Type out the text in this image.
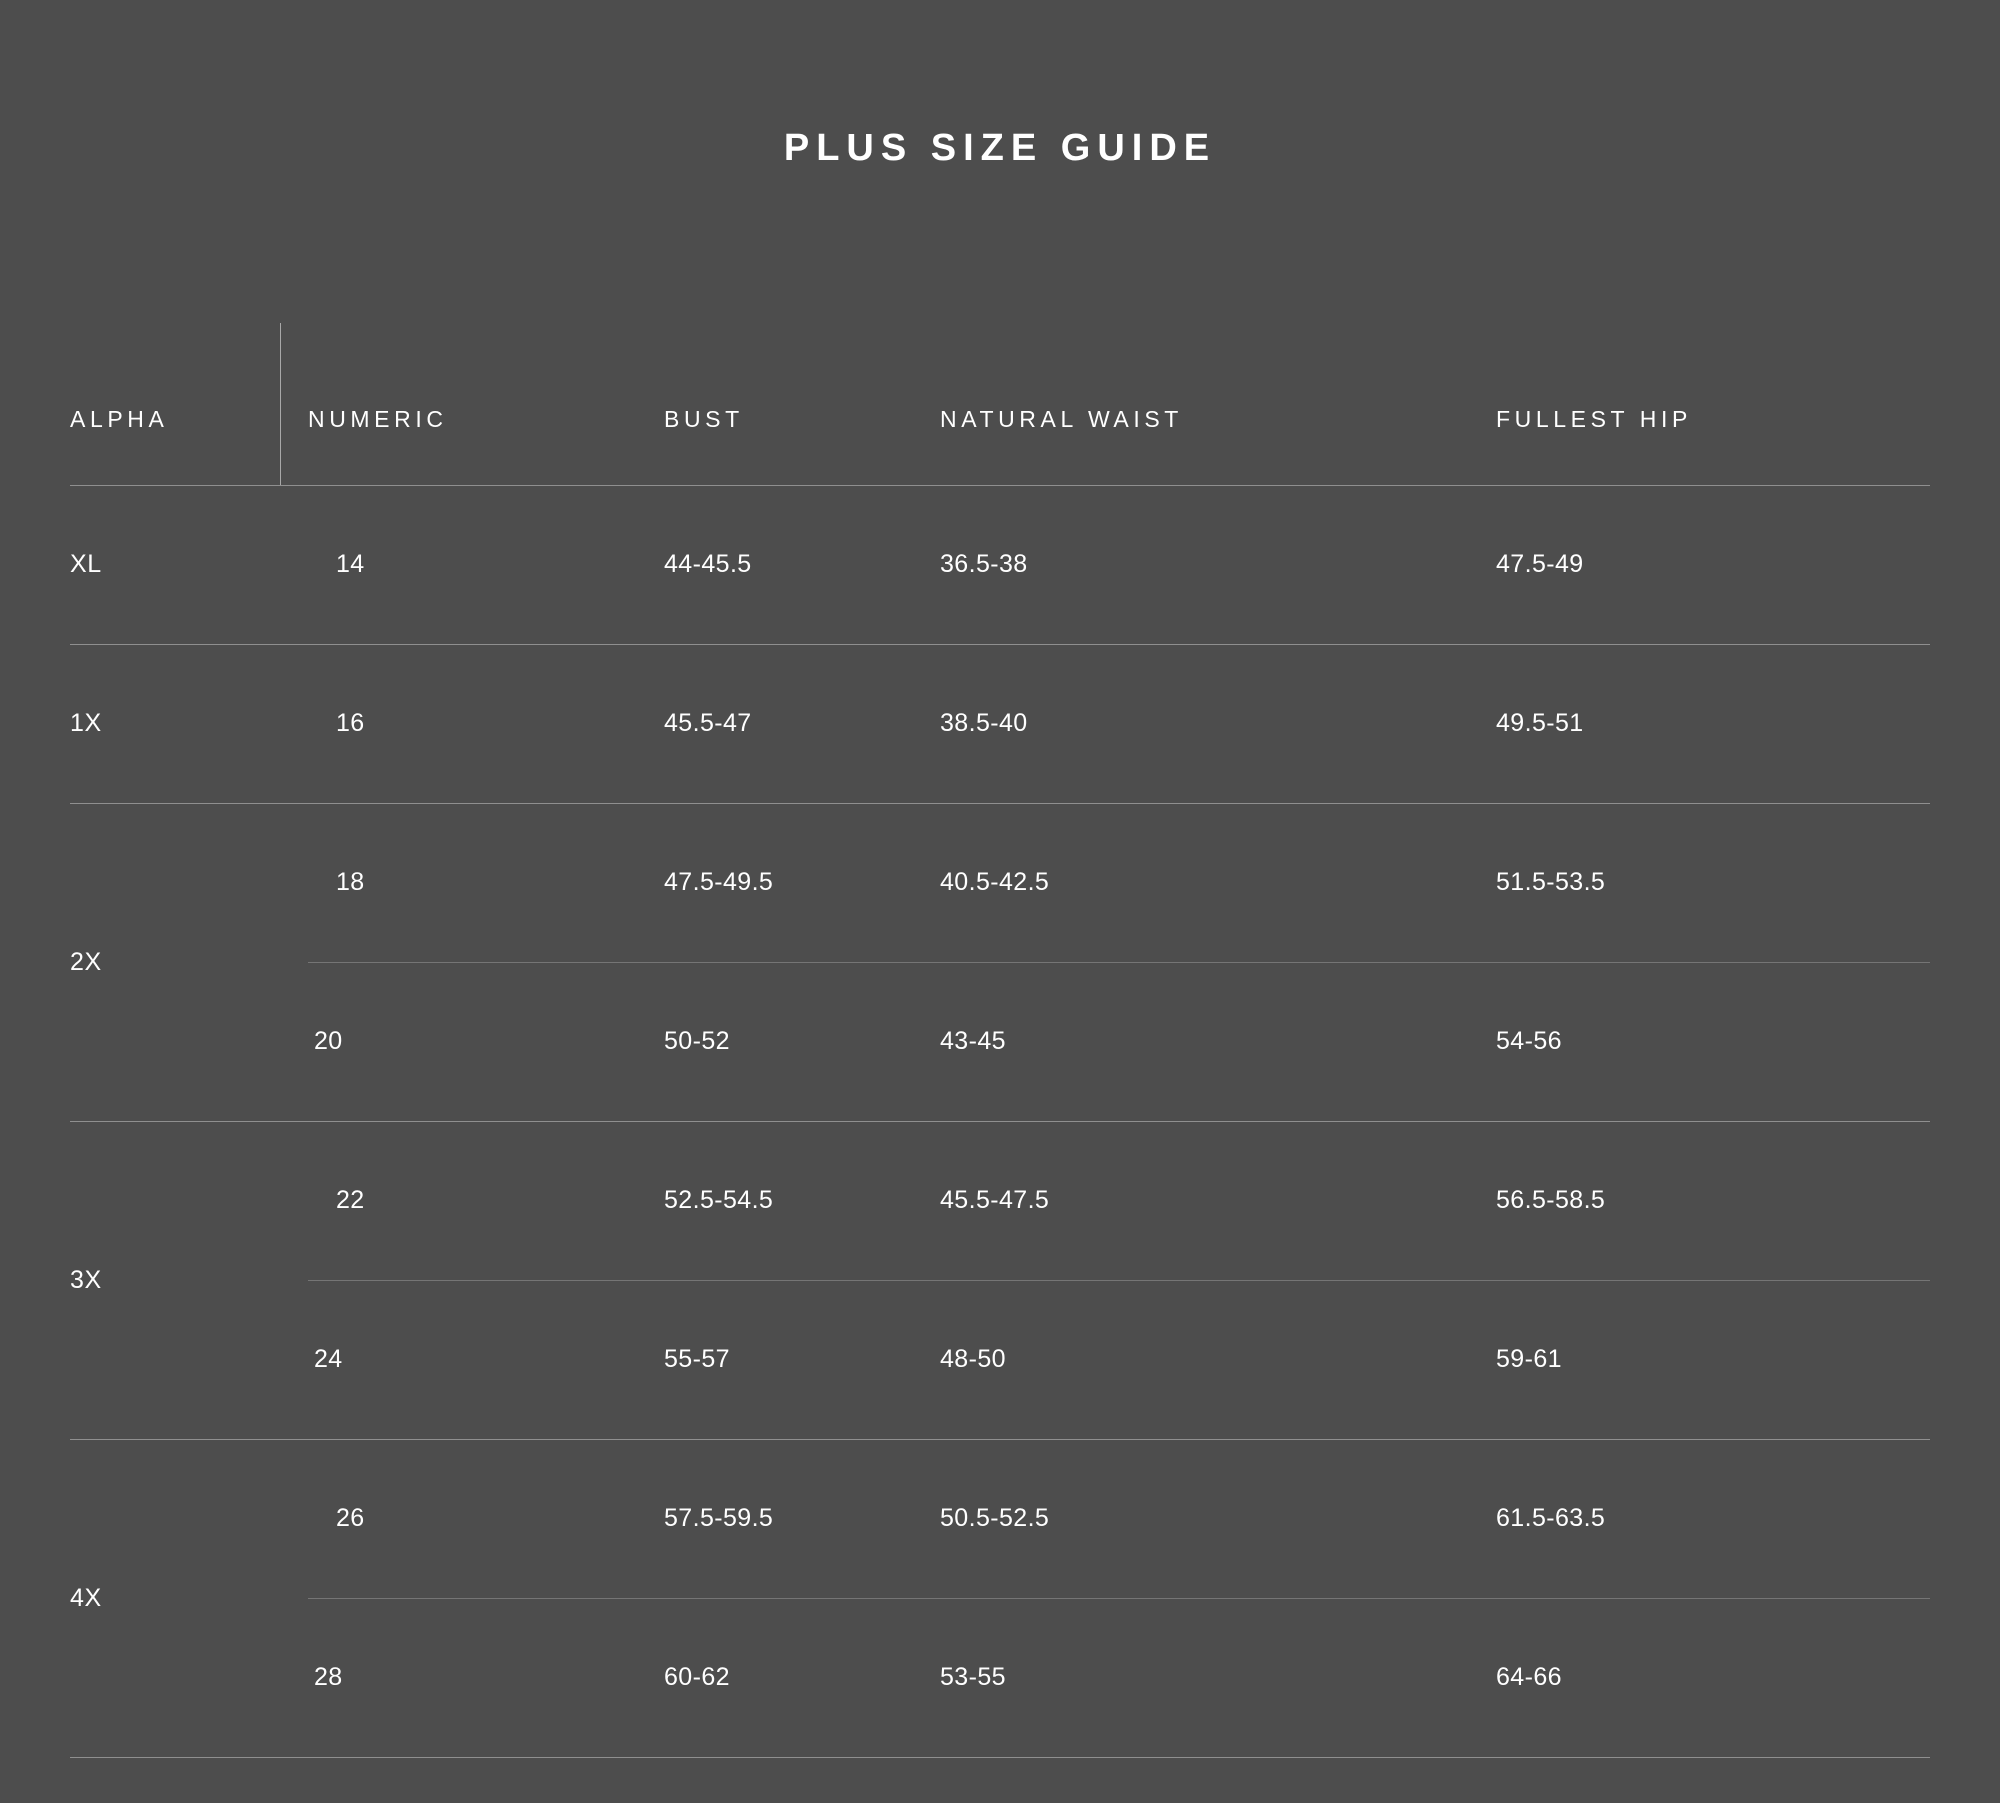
PLUS SIZE GUIDE
ALPHA	NUMERIC	BUST	NATURAL WAIST	FULLEST HIP
XL	14	44-45.5	36.5-38	47.5-49
1X	16	45.5-47	38.5-40	49.5-51
2X	18	47.5-49.5	40.5-42.5	51.5-53.5
	20	50-52	43-45	54-56
3X	22	52.5-54.5	45.5-47.5	56.5-58.5
	24	55-57	48-50	59-61
4X	26	57.5-59.5	50.5-52.5	61.5-63.5
	28	60-62	53-55	64-66
